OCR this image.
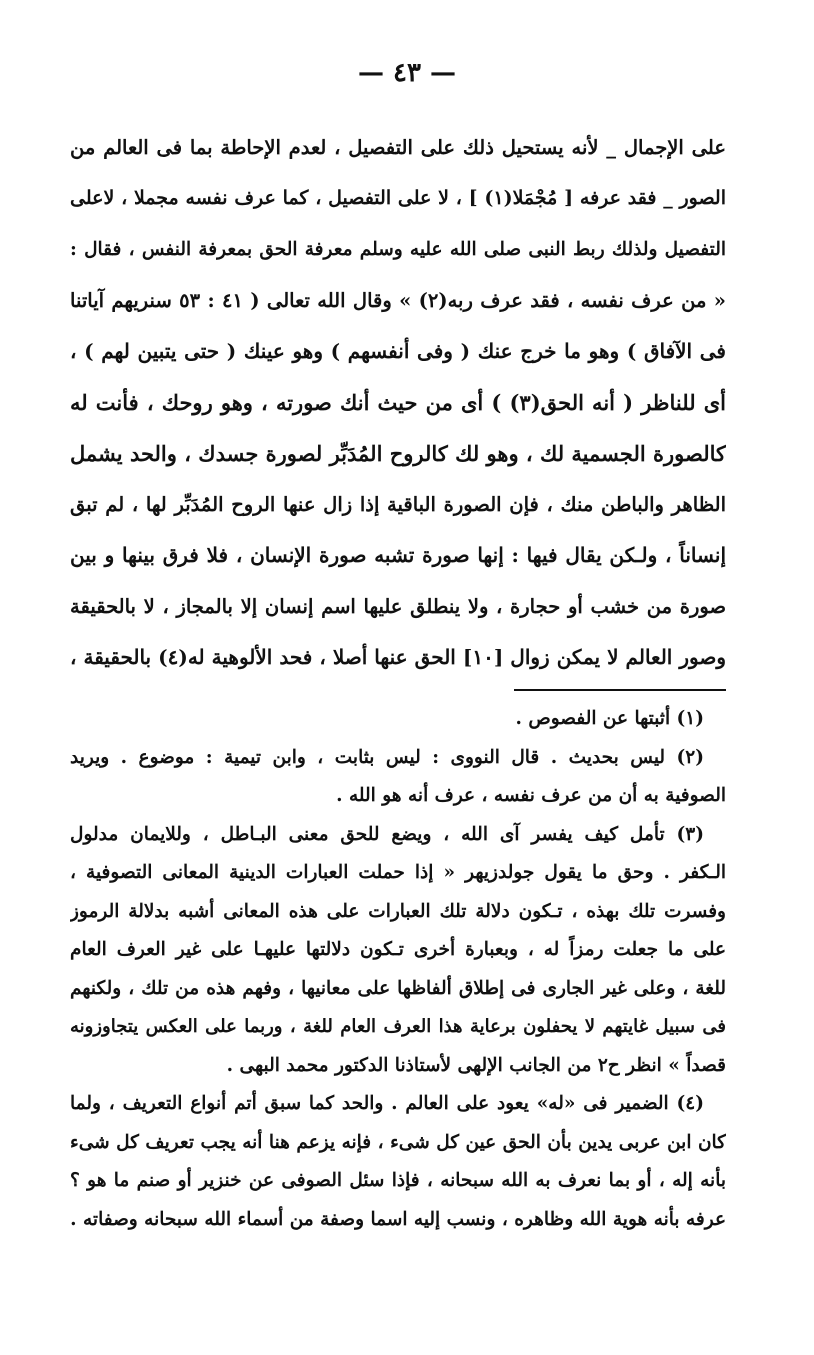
— ٤٣ —
على الإجمال _ لأنه يستحيل ذلك على التفصيل ، لعدم الإحاطة بما فى العالم من
الصور _ فقد عرفه [ مُجْمَلا(١) ] ، لا على التفصيل ، كما عرف نفسه مجملا ، لاعلى
التفصيل ولذلك ربط النبى صلى الله عليه وسلم معرفة الحق بمعرفة النفس ، فقال :
« من عرف نفسه ، فقد عرف ربه(٢) » وقال الله تعالى ( ٤١ : ٥٣ سنريهم آياتنا
فى الآفاق ) وهو ما خرج عنك ( وفى أنفسهم ) وهو عينك ( حتى يتبين لهم ) ،
أى للناظر ( أنه الحق(٣) ) أى من حيث أنك صورته ، وهو روحك ، فأنت له
كالصورة الجسمية لك ، وهو لك كالروح المُدَبِّر لصورة جسدك ، والحد يشمل
الظاهر والباطن منك ، فإن الصورة الباقية إذا زال عنها الروح المُدَبِّر لها ، لم تبق
إنساناً ، ولـكن يقال فيها : إنها صورة تشبه صورة الإنسان ، فلا فرق بينها و بين
صورة من خشب أو حجارة ، ولا ينطلق عليها اسم إنسان إلا بالمجاز ، لا بالحقيقة
وصور العالم لا يمكن زوال [١٠] الحق عنها أصلا ، فحد الألوهية له(٤) بالحقيقة ،
(١) أثبتها عن الفصوص .
(٢) ليس بحديث . قال النووى : ليس بثابت ، وابن تيمية : موضوع . ويريد
الصوفية به أن من عرف نفسه ، عرف أنه هو الله .
(٣) تأمل كيف يفسر آى الله ، ويضع للحق معنى البـاطل ، وللايمان مدلول
الـكفر . وحق ما يقول جولدزيهر « إذا حملت العبارات الدينية المعانى التصوفية ،
وفسرت تلك بهذه ، تـكون دلالة تلك العبارات على هذه المعانى أشبه بدلالة الرموز
على ما جعلت رمزاً له ، وبعبارة أخرى تـكون دلالتها عليهـا على غير العرف العام
للغة ، وعلى غير الجارى فى إطلاق ألفاظها على معانيها ، وفهم هذه من تلك ، ولكنهم
فى سبيل غايتهم لا يحفلون برعاية هذا العرف العام للغة ، وربما على العكس يتجاوزونه
قصداً » انظر ح٢ من الجانب الإلهى لأستاذنا الدكتور محمد البهى .
(٤) الضمير فى «له» يعود على العالم . والحد كما سبق أتم أنواع التعريف ، ولما
كان ابن عربى يدين بأن الحق عين كل شىء ، فإنه يزعم هنا أنه يجب تعريف كل شىء
بأنه إله ، أو بما نعرف به الله سبحانه ، فإذا سئل الصوفى عن خنزير أو صنم ما هو ؟
عرفه بأنه هوية الله وظاهره ، ونسب إليه اسما وصفة من أسماء الله سبحانه وصفاته .
